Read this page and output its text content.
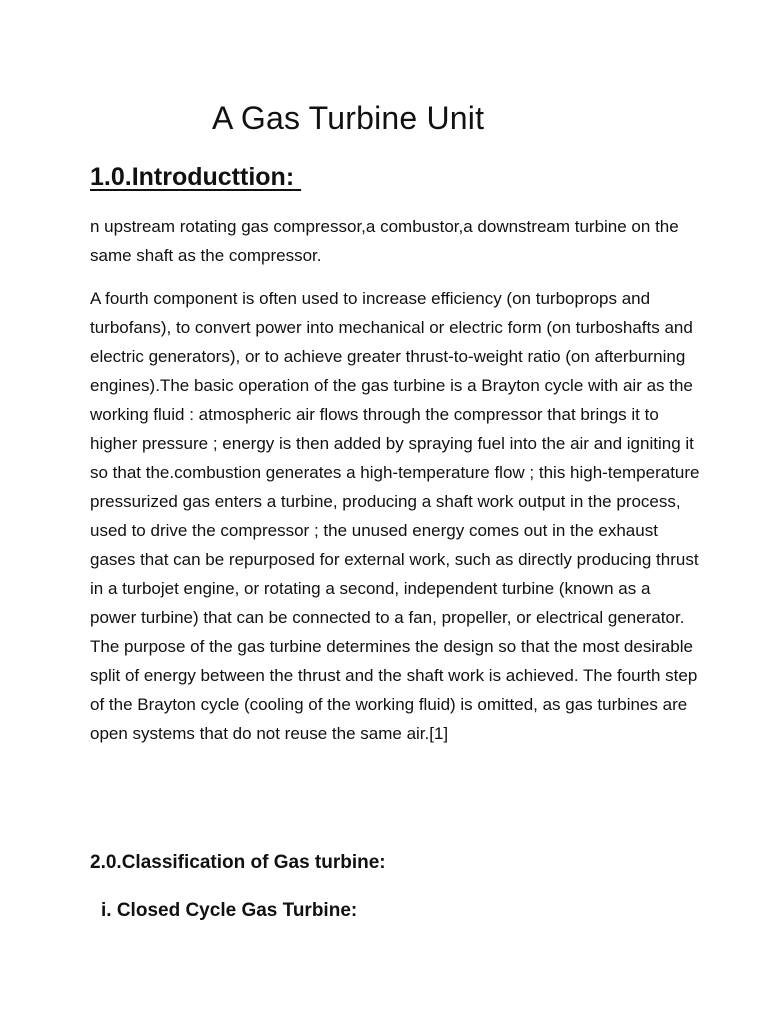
A Gas Turbine Unit
1.0.Introducttion:

n upstream rotating gas compressor,a combustor,a downstream turbine on the same shaft as the compressor.

A fourth component is often used to increase efficiency (on turboprops and turbofans), to convert power into mechanical or electric form (on turboshafts and electric generators), or to achieve greater thrust-to-weight ratio (on afterburning engines).The basic operation of the gas turbine is a Brayton cycle with air as the working fluid : atmospheric air flows through the compressor that brings it to higher pressure ; energy is then added by spraying fuel into the air and igniting it so that the.combustion generates a high-temperature flow ; this high-temperature pressurized gas enters a turbine, producing a shaft work output in the process, used to drive the compressor ; the unused energy comes out in the exhaust gases that can be repurposed for external work, such as directly producing thrust in a turbojet engine, or rotating a second, independent turbine (known as a power turbine) that can be connected to a fan, propeller, or electrical generator. The purpose of the gas turbine determines the design so that the most desirable split of energy between the thrust and the shaft work is achieved. The fourth step of the Brayton cycle (cooling of the working fluid) is omitted, as gas turbines are open systems that do not reuse the same air.[1]

2.0.Classification of Gas turbine:
i. Closed Cycle Gas Turbine:
